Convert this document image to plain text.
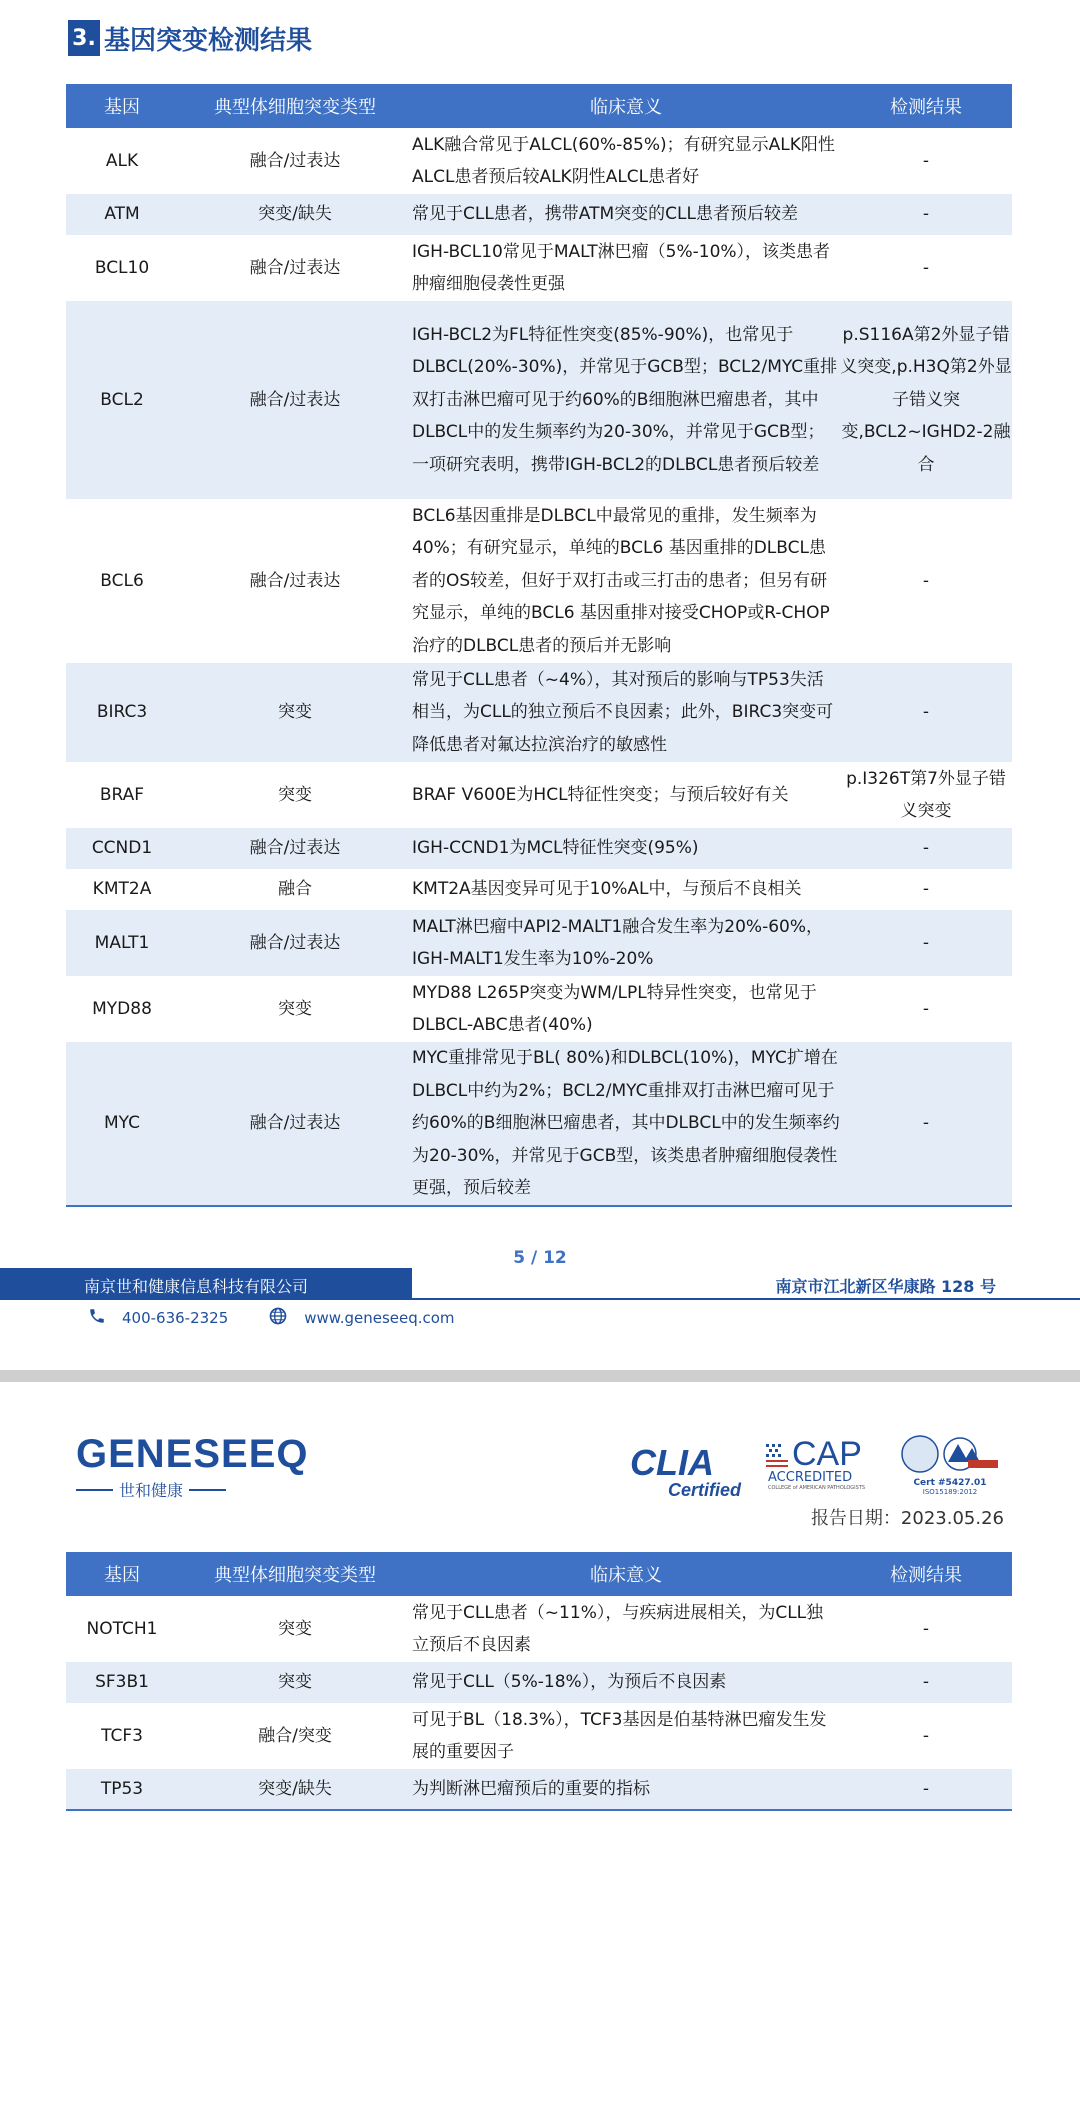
3. 基因突变检测结果
基因	典型体细胞突变类型	临床意义	检测结果
ALK	融合/过表达	ALK融合常见于ALCL(60%-85%)；有研究显示ALK阳性ALCL患者预后较ALK阴性ALCL患者好	-
ATM	突变/缺失	常见于CLL患者，携带ATM突变的CLL患者预后较差	-
BCL10	融合/过表达	IGH-BCL10常见于MALT淋巴瘤（5%-10%），该类患者肿瘤细胞侵袭性更强	-
BCL2	融合/过表达	IGH-BCL2为FL特征性突变(85%-90%)，也常见于DLBCL(20%-30%)，并常见于GCB型；BCL2/MYC重排双打击淋巴瘤可见于约60%的B细胞淋巴瘤患者，其中DLBCL中的发生频率约为20-30%，并常见于GCB型；一项研究表明，携带IGH-BCL2的DLBCL患者预后较差	p.S116A第2外显子错义突变,p.H3Q第2外显子错义突变,BCL2~IGHD2-2融合
BCL6	融合/过表达	BCL6基因重排是DLBCL中最常见的重排，发生频率为40%；有研究显示，单纯的BCL6 基因重排的DLBCL患者的OS较差，但好于双打击或三打击的患者；但另有研究显示，单纯的BCL6 基因重排对接受CHOP或R-CHOP治疗的DLBCL患者的预后并无影响	-
BIRC3	突变	常见于CLL患者（~4%），其对预后的影响与TP53失活相当，为CLL的独立预后不良因素；此外，BIRC3突变可降低患者对氟达拉滨治疗的敏感性	-
BRAF	突变	BRAF V600E为HCL特征性突变；与预后较好有关	p.I326T第7外显子错义突变
CCND1	融合/过表达	IGH-CCND1为MCL特征性突变(95%)	-
KMT2A	融合	KMT2A基因变异可见于10%AL中，与预后不良相关	-
MALT1	融合/过表达	MALT淋巴瘤中API2-MALT1融合发生率为20%-60%，IGH-MALT1发生率为10%-20%	-
MYD88	突变	MYD88 L265P突变为WM/LPL特异性突变，也常见于DLBCL-ABC患者(40%)	-
MYC	融合/过表达	MYC重排常见于BL( 80%)和DLBCL(10%)，MYC扩增在DLBCL中约为2%；BCL2/MYC重排双打击淋巴瘤可见于约60%的B细胞淋巴瘤患者，其中DLBCL中的发生频率约为20-30%，并常见于GCB型，该类患者肿瘤细胞侵袭性更强，预后较差	-
5 / 12
南京世和健康信息科技有限公司	南京市江北新区华康路 128 号
400-636-2325	www.geneseeq.com
GENESEEQ
世和健康
CLIA
Certified
CAP
ACCREDITED
COLLEGE of AMERICAN PATHOLOGISTS	Cert #5427.01
ISO15189:2012
报告日期：2023.05.26
基因	典型体细胞突变类型	临床意义	检测结果
NOTCH1	突变	常见于CLL患者（~11%），与疾病进展相关，为CLL独立预后不良因素	-
SF3B1	突变	常见于CLL（5%-18%），为预后不良因素	-
TCF3	融合/突变	可见于BL（18.3%），TCF3基因是伯基特淋巴瘤发生发展的重要因子	-
TP53	突变/缺失	为判断淋巴瘤预后的重要的指标	-
